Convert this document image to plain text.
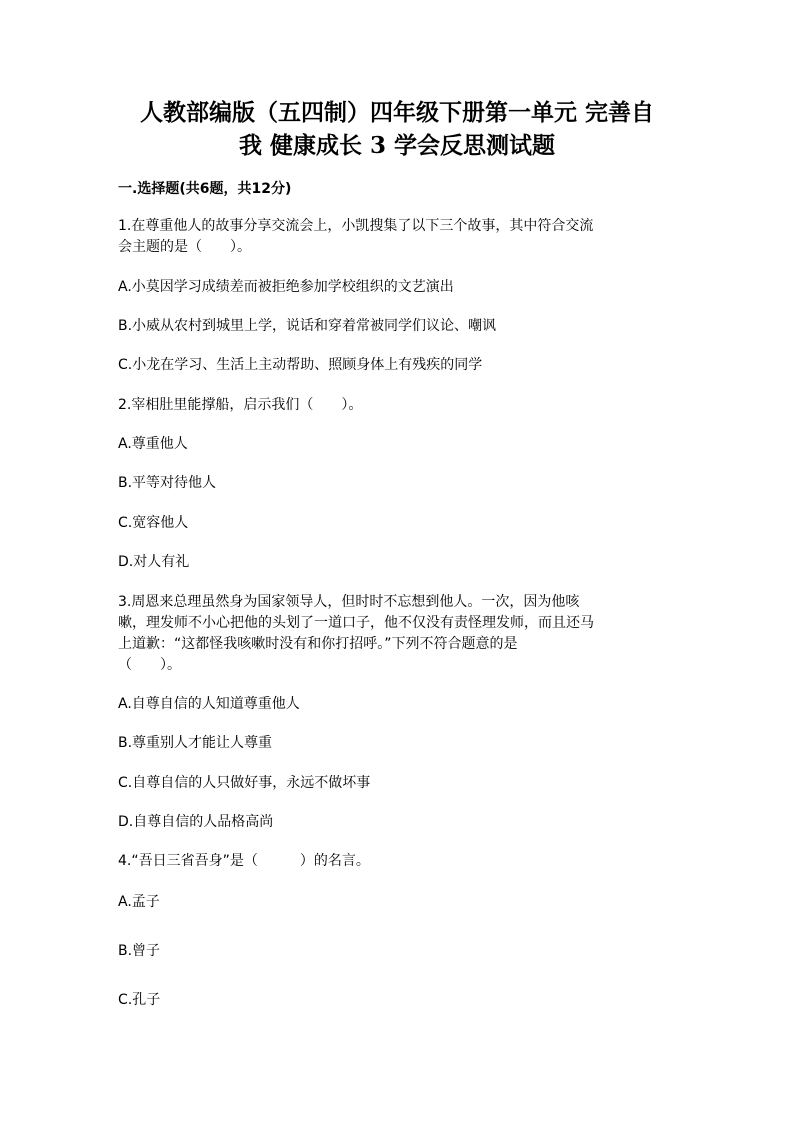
人教部编版（五四制）四年级下册第一单元 完善自
我 健康成长 3 学会反思测试题
一.选择题(共6题，共12分)
1.在尊重他人的故事分享交流会上，小凯搜集了以下三个故事，其中符合交流
会主题的是（　　）。
A.小莫因学习成绩差而被拒绝参加学校组织的文艺演出
B.小威从农村到城里上学，说话和穿着常被同学们议论、嘲讽
C.小龙在学习、生活上主动帮助、照顾身体上有残疾的同学
2.宰相肚里能撑船，启示我们（　　）。
A.尊重他人
B.平等对待他人
C.宽容他人
D.对人有礼
3.周恩来总理虽然身为国家领导人，但时时不忘想到他人。一次，因为他咳
嗽，理发师不小心把他的头划了一道口子，他不仅没有责怪理发师，而且还马
上道歉：“这都怪我咳嗽时没有和你打招呼。”下列不符合题意的是
（　　）。
A.自尊自信的人知道尊重他人
B.尊重别人才能让人尊重
C.自尊自信的人只做好事，永远不做坏事
D.自尊自信的人品格高尚
4.“吾日三省吾身”是（　　　）的名言。
A.孟子
B.曾子
C.孔子
